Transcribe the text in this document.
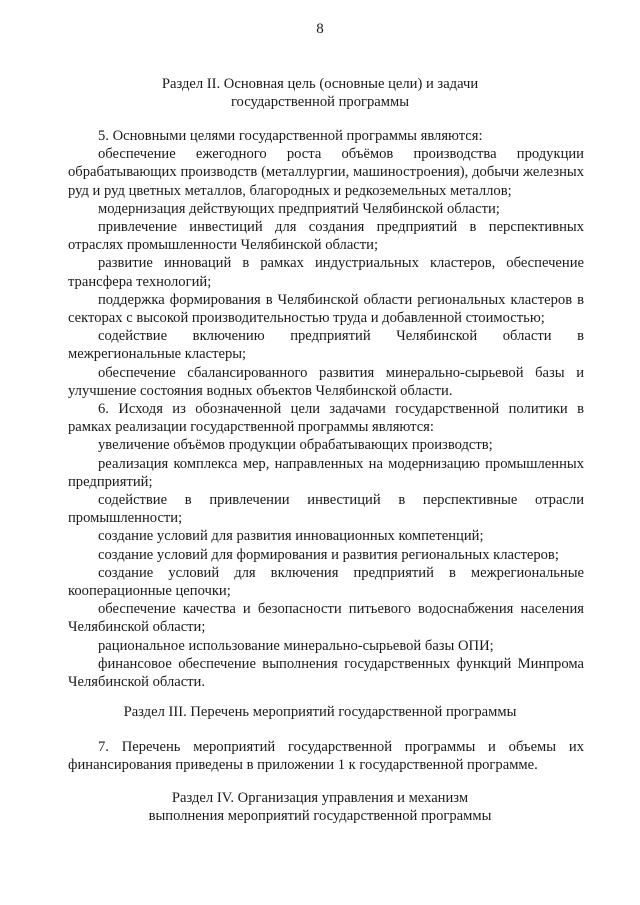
8
Раздел II. Основная цель (основные цели) и задачи
государственной программы

5. Основными целями государственной программы являются:

обеспечение ежегодного роста объёмов производства продукции обрабатывающих производств (металлургии, машиностроения), добычи железных руд и руд цветных металлов, благородных и редкоземельных металлов;

модернизация действующих предприятий Челябинской области;

привлечение инвестиций для создания предприятий в перспективных отраслях промышленности Челябинской области;

развитие инноваций в рамках индустриальных кластеров, обеспечение трансфера технологий;

поддержка формирования в Челябинской области региональных кластеров в секторах с высокой производительностью труда и добавленной стоимостью;

содействие включению предприятий Челябинской области в межрегиональные кластеры;

обеспечение сбалансированного развития минерально-сырьевой базы и улучшение состояния водных объектов Челябинской области.

6. Исходя из обозначенной цели задачами государственной политики в рамках реализации государственной программы являются:

увеличение объёмов продукции обрабатывающих производств;

реализация комплекса мер, направленных на модернизацию промышленных предприятий;

содействие в привлечении инвестиций в перспективные отрасли промышленности;

создание условий для развития инновационных компетенций;

создание условий для формирования и развития региональных кластеров;

создание условий для включения предприятий в межрегиональные кооперационные цепочки;

обеспечение качества и безопасности питьевого водоснабжения населения Челябинской области;

рациональное использование минерально-сырьевой базы ОПИ;

финансовое обеспечение выполнения государственных функций Минпрома Челябинской области.

Раздел III. Перечень мероприятий государственной программы

7. Перечень мероприятий государственной программы и объемы их финансирования приведены в приложении 1 к государственной программе.

Раздел IV. Организация управления и механизм
выполнения мероприятий государственной программы
